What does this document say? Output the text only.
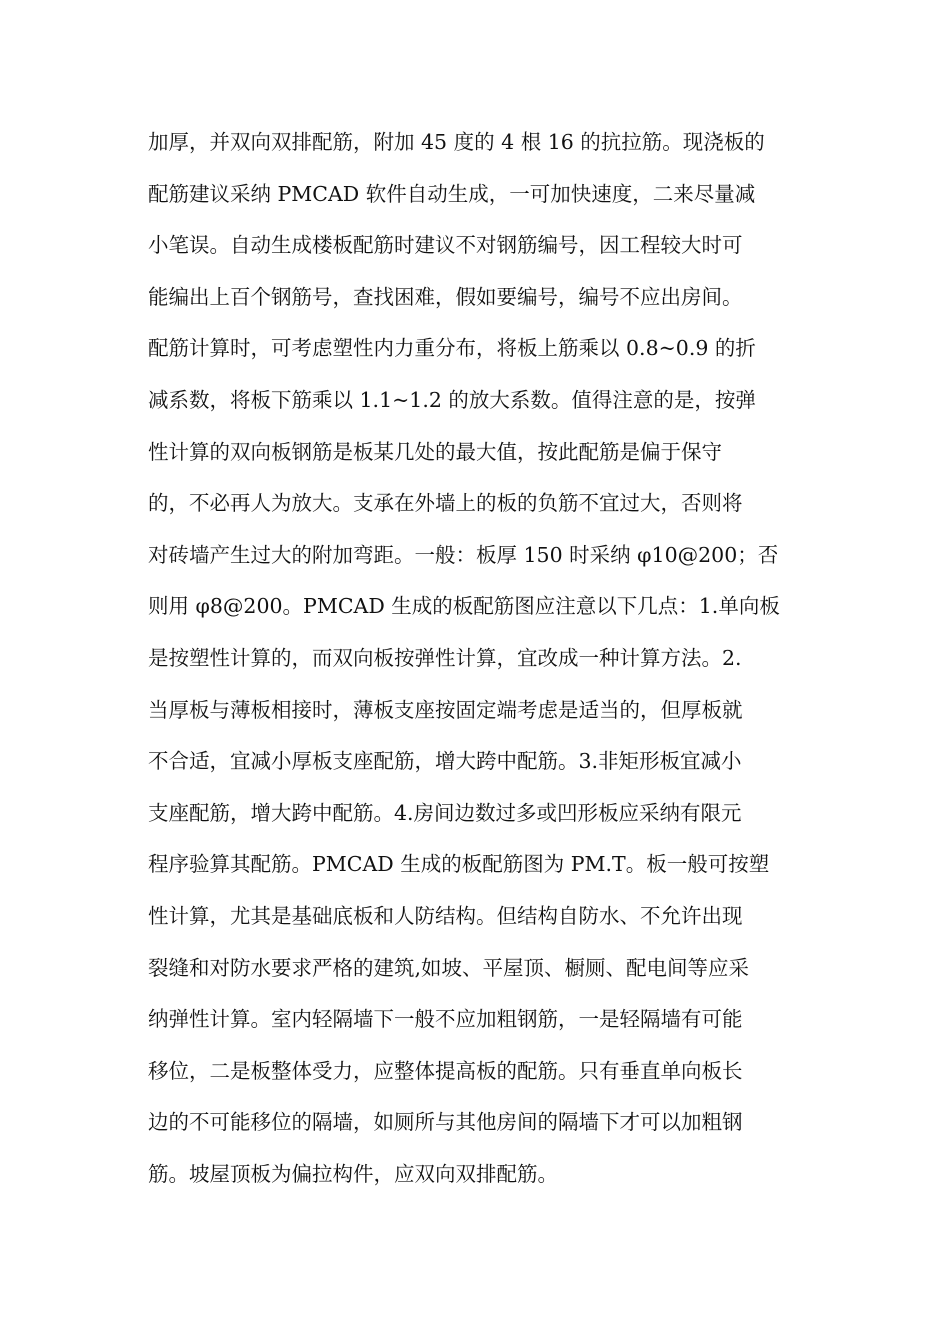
加厚，并双向双排配筋，附加 45 度的 4 根 16 的抗拉筋。现浇板的
配筋建议采纳 PMCAD 软件自动生成，一可加快速度，二来尽量减
小笔误。自动生成楼板配筋时建议不对钢筋编号，因工程较大时可
能编出上百个钢筋号，查找困难，假如要编号，编号不应出房间。
配筋计算时，可考虑塑性内力重分布，将板上筋乘以 0.8~0.9 的折
减系数，将板下筋乘以 1.1~1.2 的放大系数。值得注意的是，按弹
性计算的双向板钢筋是板某几处的最大值，按此配筋是偏于保守
的，不必再人为放大。支承在外墙上的板的负筋不宜过大，否则将
对砖墙产生过大的附加弯距。一般：板厚 150 时采纳 φ10@200；否
则用 φ8@200。PMCAD 生成的板配筋图应注意以下几点：1.单向板
是按塑性计算的，而双向板按弹性计算，宜改成一种计算方法。2.
当厚板与薄板相接时，薄板支座按固定端考虑是适当的，但厚板就
不合适，宜减小厚板支座配筋，增大跨中配筋。3.非矩形板宜减小
支座配筋，增大跨中配筋。4.房间边数过多或凹形板应采纳有限元
程序验算其配筋。PMCAD 生成的板配筋图为 PM.T。板一般可按塑
性计算，尤其是基础底板和人防结构。但结构自防水、不允许出现
裂缝和对防水要求严格的建筑,如坡、平屋顶、橱厕、配电间等应采
纳弹性计算。室内轻隔墙下一般不应加粗钢筋，一是轻隔墙有可能
移位，二是板整体受力，应整体提高板的配筋。只有垂直单向板长
边的不可能移位的隔墙，如厕所与其他房间的隔墙下才可以加粗钢
筋。坡屋顶板为偏拉构件，应双向双排配筋。
